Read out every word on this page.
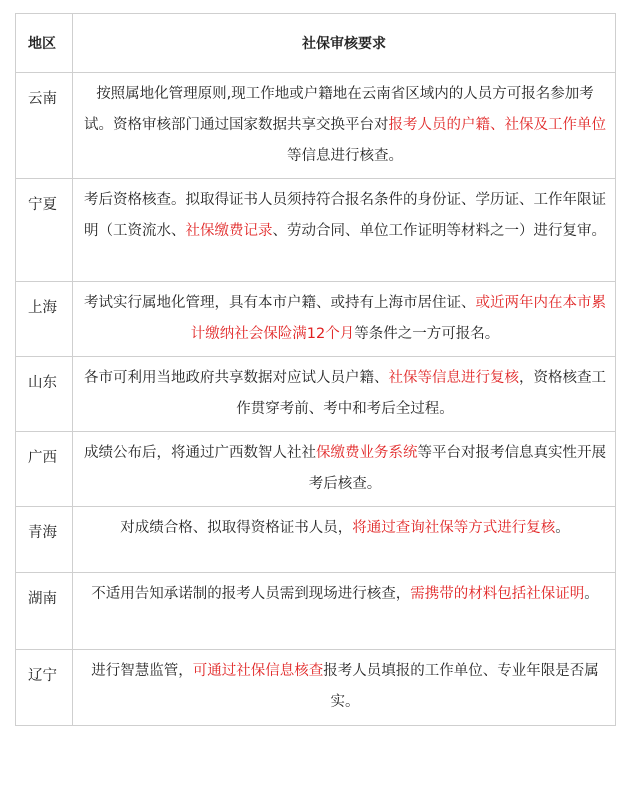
地区	社保审核要求
云南	按照属地化管理原则,现工作地或户籍地在云南省区域内的人员方可报名参加考试。资格审核部门通过国家数据共享交换平台对报考人员的户籍、社保及工作单位等信息进行核查。
宁夏	考后资格核查。拟取得证书人员须持符合报名条件的身份证、学历证、工作年限证明（工资流水、社保缴费记录、劳动合同、单位工作证明等材料之一）进行复审。
上海	考试实行属地化管理，具有本市户籍、或持有上海市居住证、或近两年内在本市累计缴纳社会保险满12个月等条件之一方可报名。
山东	各市可利用当地政府共享数据对应试人员户籍、社保等信息进行复核，资格核查工作贯穿考前、考中和考后全过程。
广西	成绩公布后，将通过广西数智人社社保缴费业务系统等平台对报考信息真实性开展考后核查。
青海	对成绩合格、拟取得资格证书人员，将通过查询社保等方式进行复核。
湖南	不适用告知承诺制的报考人员需到现场进行核查，需携带的材料包括社保证明。
辽宁	进行智慧监管，可通过社保信息核查报考人员填报的工作单位、专业年限是否属实。
